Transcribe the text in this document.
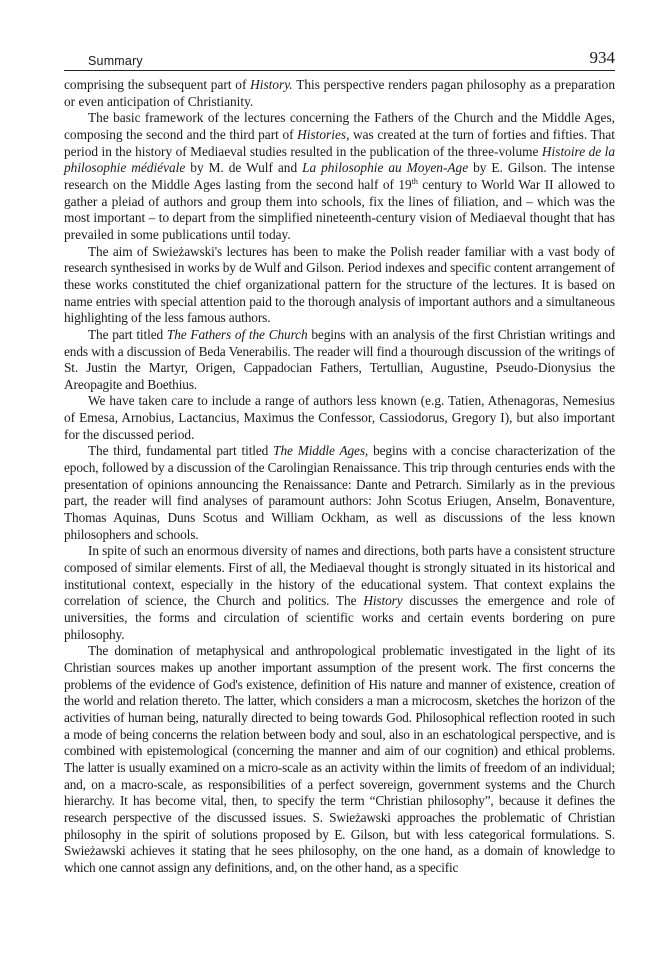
Summary	934

comprising the subsequent part of History. This perspective renders pagan philosophy as a preparation or even anticipation of Christianity.

The basic framework of the lectures concerning the Fathers of the Church and the Middle Ages, composing the second and the third part of Histories, was created at the turn of forties and fifties. That period in the history of Mediaeval studies resulted in the publication of the three-volume Histoire de la philosophie médiévale by M. de Wulf and La philosophie au Moyen-Age by E. Gilson. The intense research on the Middle Ages lasting from the second half of 19th century to World War II allowed to gather a pleiad of authors and group them into schools, fix the lines of filiation, and – which was the most important – to depart from the simplified nineteenth-century vision of Mediaeval thought that has prevailed in some publications until today.

The aim of Swieżawski's lectures has been to make the Polish reader familiar with a vast body of research synthesised in works by de Wulf and Gilson. Period indexes and specific content arrangement of these works constituted the chief organizational pattern for the structure of the lectures. It is based on name entries with special attention paid to the thorough analysis of important authors and a simultaneous highlighting of the less famous authors.

The part titled The Fathers of the Church begins with an analysis of the first Christian writings and ends with a discussion of Beda Venerabilis. The reader will find a thourough discussion of the writings of St. Justin the Martyr, Origen, Cappadocian Fathers, Tertullian, Augustine, Pseudo-Dionysius the Areopagite and Boethius.

We have taken care to include a range of authors less known (e.g. Tatien, Athenagoras, Nemesius of Emesa, Arnobius, Lactancius, Maximus the Confessor, Cassiodorus, Gregory I), but also important for the discussed period.

The third, fundamental part titled The Middle Ages, begins with a concise characterization of the epoch, followed by a discussion of the Carolingian Renaissance. This trip through centuries ends with the presentation of opinions announcing the Renaissance: Dante and Petrarch. Similarly as in the previous part, the reader will find analyses of paramount authors: John Scotus Eriugen, Anselm, Bonaventure, Thomas Aquinas, Duns Scotus and William Ockham, as well as discussions of the less known philosophers and schools.

In spite of such an enormous diversity of names and directions, both parts have a consistent structure composed of similar elements. First of all, the Mediaeval thought is strongly situated in its historical and institutional context, especially in the history of the educational system. That context explains the correlation of science, the Church and politics. The History discusses the emergence and role of universities, the forms and circulation of scientific works and certain events bordering on pure philosophy.

The domination of metaphysical and anthropological problematic investigated in the light of its Christian sources makes up another important assumption of the present work. The first concerns the problems of the evidence of God's existence, definition of His nature and manner of existence, creation of the world and relation thereto. The latter, which considers a man a microcosm, sketches the horizon of the activities of human being, naturally directed to being towards God. Philosophical reflection rooted in such a mode of being concerns the relation between body and soul, also in an eschatological perspective, and is combined with epistemological (concerning the manner and aim of our cognition) and ethical problems. The latter is usually examined on a micro-scale as an activity within the limits of freedom of an individual; and, on a macro-scale, as responsibilities of a perfect sovereign, government systems and the Church hierarchy. It has become vital, then, to specify the term “Christian philosophy”, because it defines the research perspective of the discussed issues. S. Swieżawski approaches the problematic of Christian philosophy in the spirit of solutions proposed by E. Gilson, but with less categorical formulations. S. Swieżawski achieves it stating that he sees philosophy, on the one hand, as a domain of knowledge to which one cannot assign any definitions, and, on the other hand, as a specific
